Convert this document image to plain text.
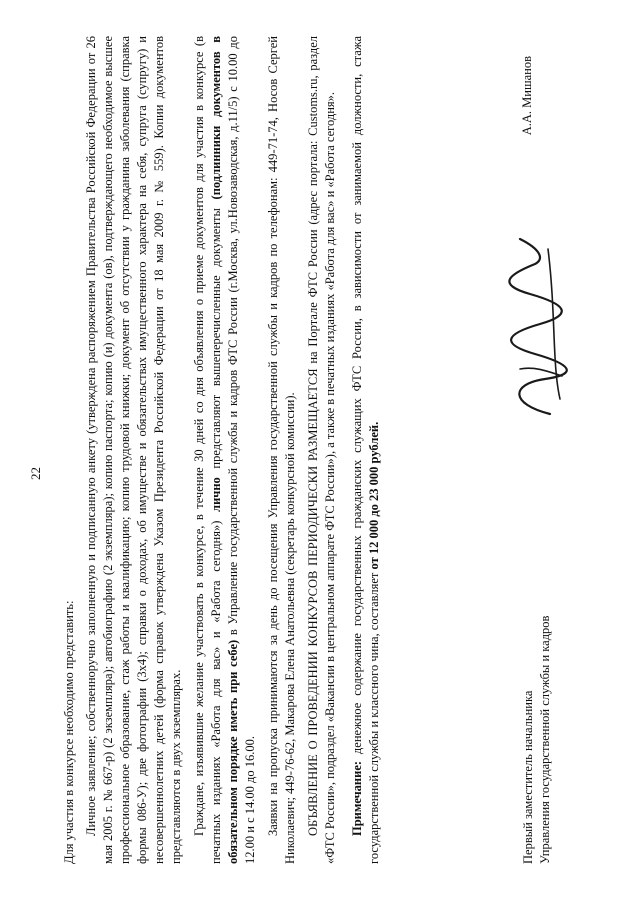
22
Для участия в конкурсе необходимо представить: Личное заявление; собственноручно заполненную и подписанную анкету (утверждена распоряжением Правительства Российской Федерации от 26 мая 2005 г. № 667-р) (2 экземпляра); автобиографию (2 экземпляра); копию паспорта; копию (и) документа (ов), подтверждающего необходимое высшее профессиональное образование, стаж работы и квалификацию; копию трудовой книжки; документ об отсутствии у гражданина заболевания (справка формы 086-У); две фотографии (3х4); справки о доходах, об имуществе и обязательствах имущественного характера на себя, супруга (супругу) и несовершеннолетних детей (форма справок утверждена Указом Президента Российской Федерации от 18 мая 2009 г. № 559). Копии документов представляются в двух экземплярах. Граждане, изъявившие желание участвовать в конкурсе, в течение 30 дней со дня объявления о приеме документов для участия в конкурсе (в печатных изданиях «Работа для вас» и «Работа сегодня») лично представляют вышеперечисленные документы (подлинники документов в обязательном порядке иметь при себе) в Управление государственной службы и кадров ФТС России (г.Москва, ул.Новозаводская, д.11/5) с 10.00 до 12.00 и с 14.00 до 16.00. Заявки на пропуска принимаются за день до посещения Управления государственной службы и кадров по телефонам: 449-71-74, Носов Сергей Николаевич; 449-76-62, Макарова Елена Анатольевна (секретарь конкурсной комиссии). ОБЪЯВЛЕНИЕ О ПРОВЕДЕНИИ КОНКУРСОВ ПЕРИОДИЧЕСКИ РАЗМЕЩАЕТСЯ на Портале ФТС России (адрес портала: Customs.ru, раздел «ФТС России», подраздел «Вакансии в центральном аппарате ФТС России»), а также в печатных изданиях «Работа для вас» и «Работа сегодня». Примечание: денежное содержание государственных гражданских служащих ФТС России, в зависимости от занимаемой должности, стажа государственной службы и классного чина, составляет от 12 000 до 23 000 рублей.

Первый заместитель начальника Управления государственной службы и кадров
А.А. Мишанов
